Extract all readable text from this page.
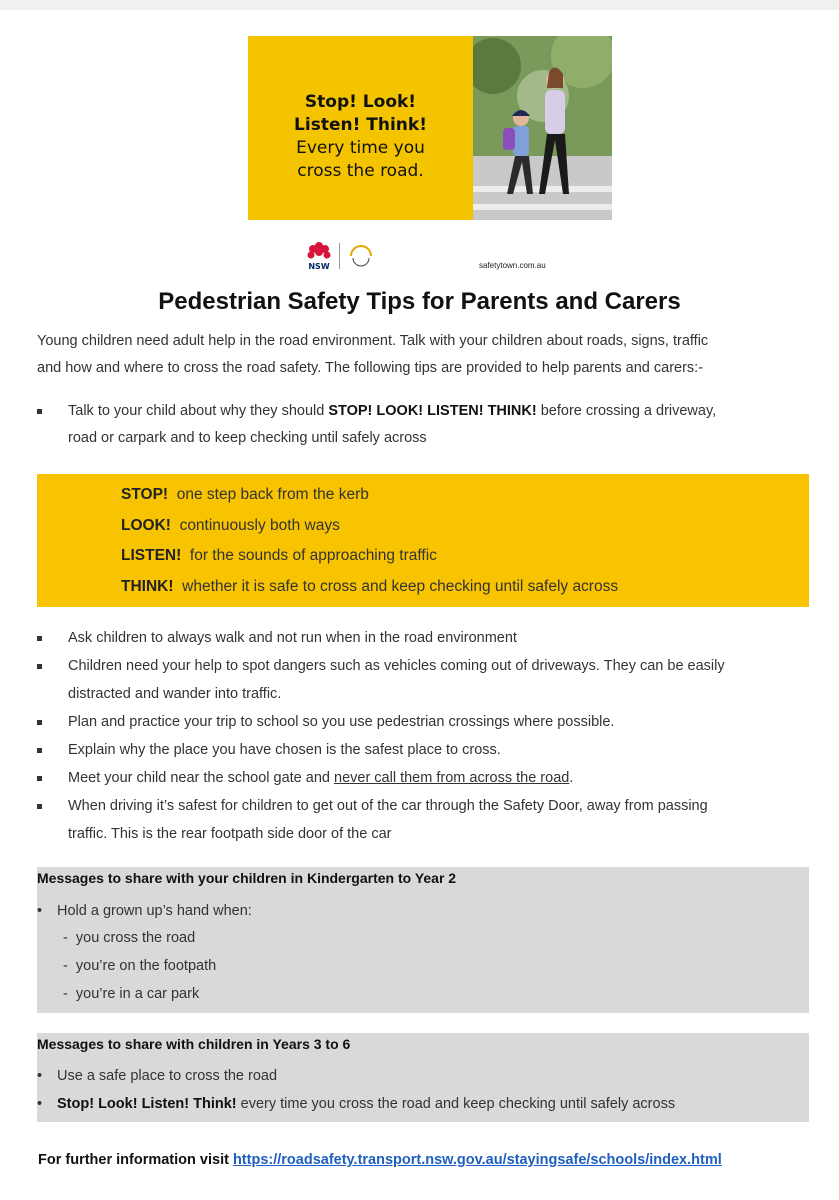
Stop! Look!
Listen! Think!
Every time you
cross the road.
NSW	safetytown.com.au
Pedestrian Safety Tips for Parents and Carers

Young children need adult help in the road environment. Talk with your children about roads, signs, traffic

and how and where to cross the road safety. The following tips are provided to help parents and carers:-

Talk to your child about why they should STOP! LOOK! LISTEN! THINK! before crossing a driveway,
road or carpark and to keep checking until safely across
STOP! one step back from the kerb
LOOK! continuously both ways
LISTEN! for the sounds of approaching traffic
THINK! whether it is safe to cross and keep checking until safely across
Ask children to always walk and not run when in the road environment
Children need your help to spot dangers such as vehicles coming out of driveways. They can be easily
distracted and wander into traffic.
Plan and practice your trip to school so you use pedestrian crossings where possible.
Explain why the place you have chosen is the safest place to cross.
Meet your child near the school gate and never call them from across the road.
When driving it’s safest for children to get out of the car through the Safety Door, away from passing
traffic. This is the rear footpath side door of the car
Messages to share with your children in Kindergarten to Year 2
• Hold a grown up’s hand when:
-  you cross the road
-  you’re on the footpath
-  you’re in a car park
Messages to share with children in Years 3 to 6
• Use a safe place to cross the road
• Stop! Look! Listen! Think! every time you cross the road and keep checking until safely across
For further information visit https://roadsafety.transport.nsw.gov.au/stayingsafe/schools/index.html
